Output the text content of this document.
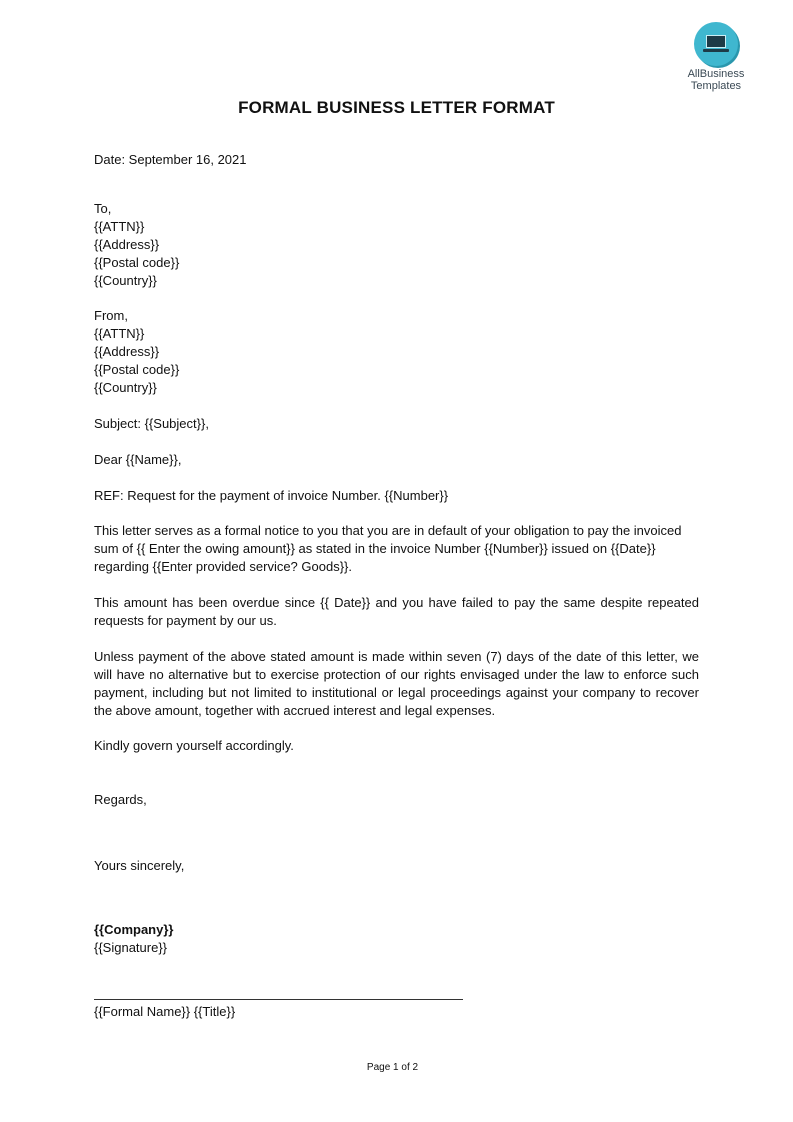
AllBusiness
Templates
FORMAL BUSINESS LETTER FORMAT
Date: September 16, 2021
To,
{{ATTN}}
{{Address}}
{{Postal code}}
{{Country}}
From,
{{ATTN}}
{{Address}}
{{Postal code}}
{{Country}}
Subject: {{Subject}},
Dear {{Name}},
REF: Request for the payment of invoice Number. {{Number}}
This letter serves as a formal notice to you that you are in default of your obligation to pay the invoiced sum of {{ Enter the owing amount}} as stated in the invoice Number {{Number}} issued on {{Date}} regarding {{Enter provided service? Goods}}.
This amount has been overdue since {{ Date}} and you have failed to pay the same despite repeated requests for payment by our us.
Unless payment of the above stated amount is made within seven (7) days of the date of this letter, we will have no alternative but to exercise protection of our rights envisaged under the law to enforce such payment, including but not limited to institutional or legal proceedings against your company to recover the above amount, together with accrued interest and legal expenses.
Kindly govern yourself accordingly.
Regards,
Yours sincerely,
{{Company}}
{{Signature}}
{{Formal Name}} {{Title}}
Page 1 of 2
